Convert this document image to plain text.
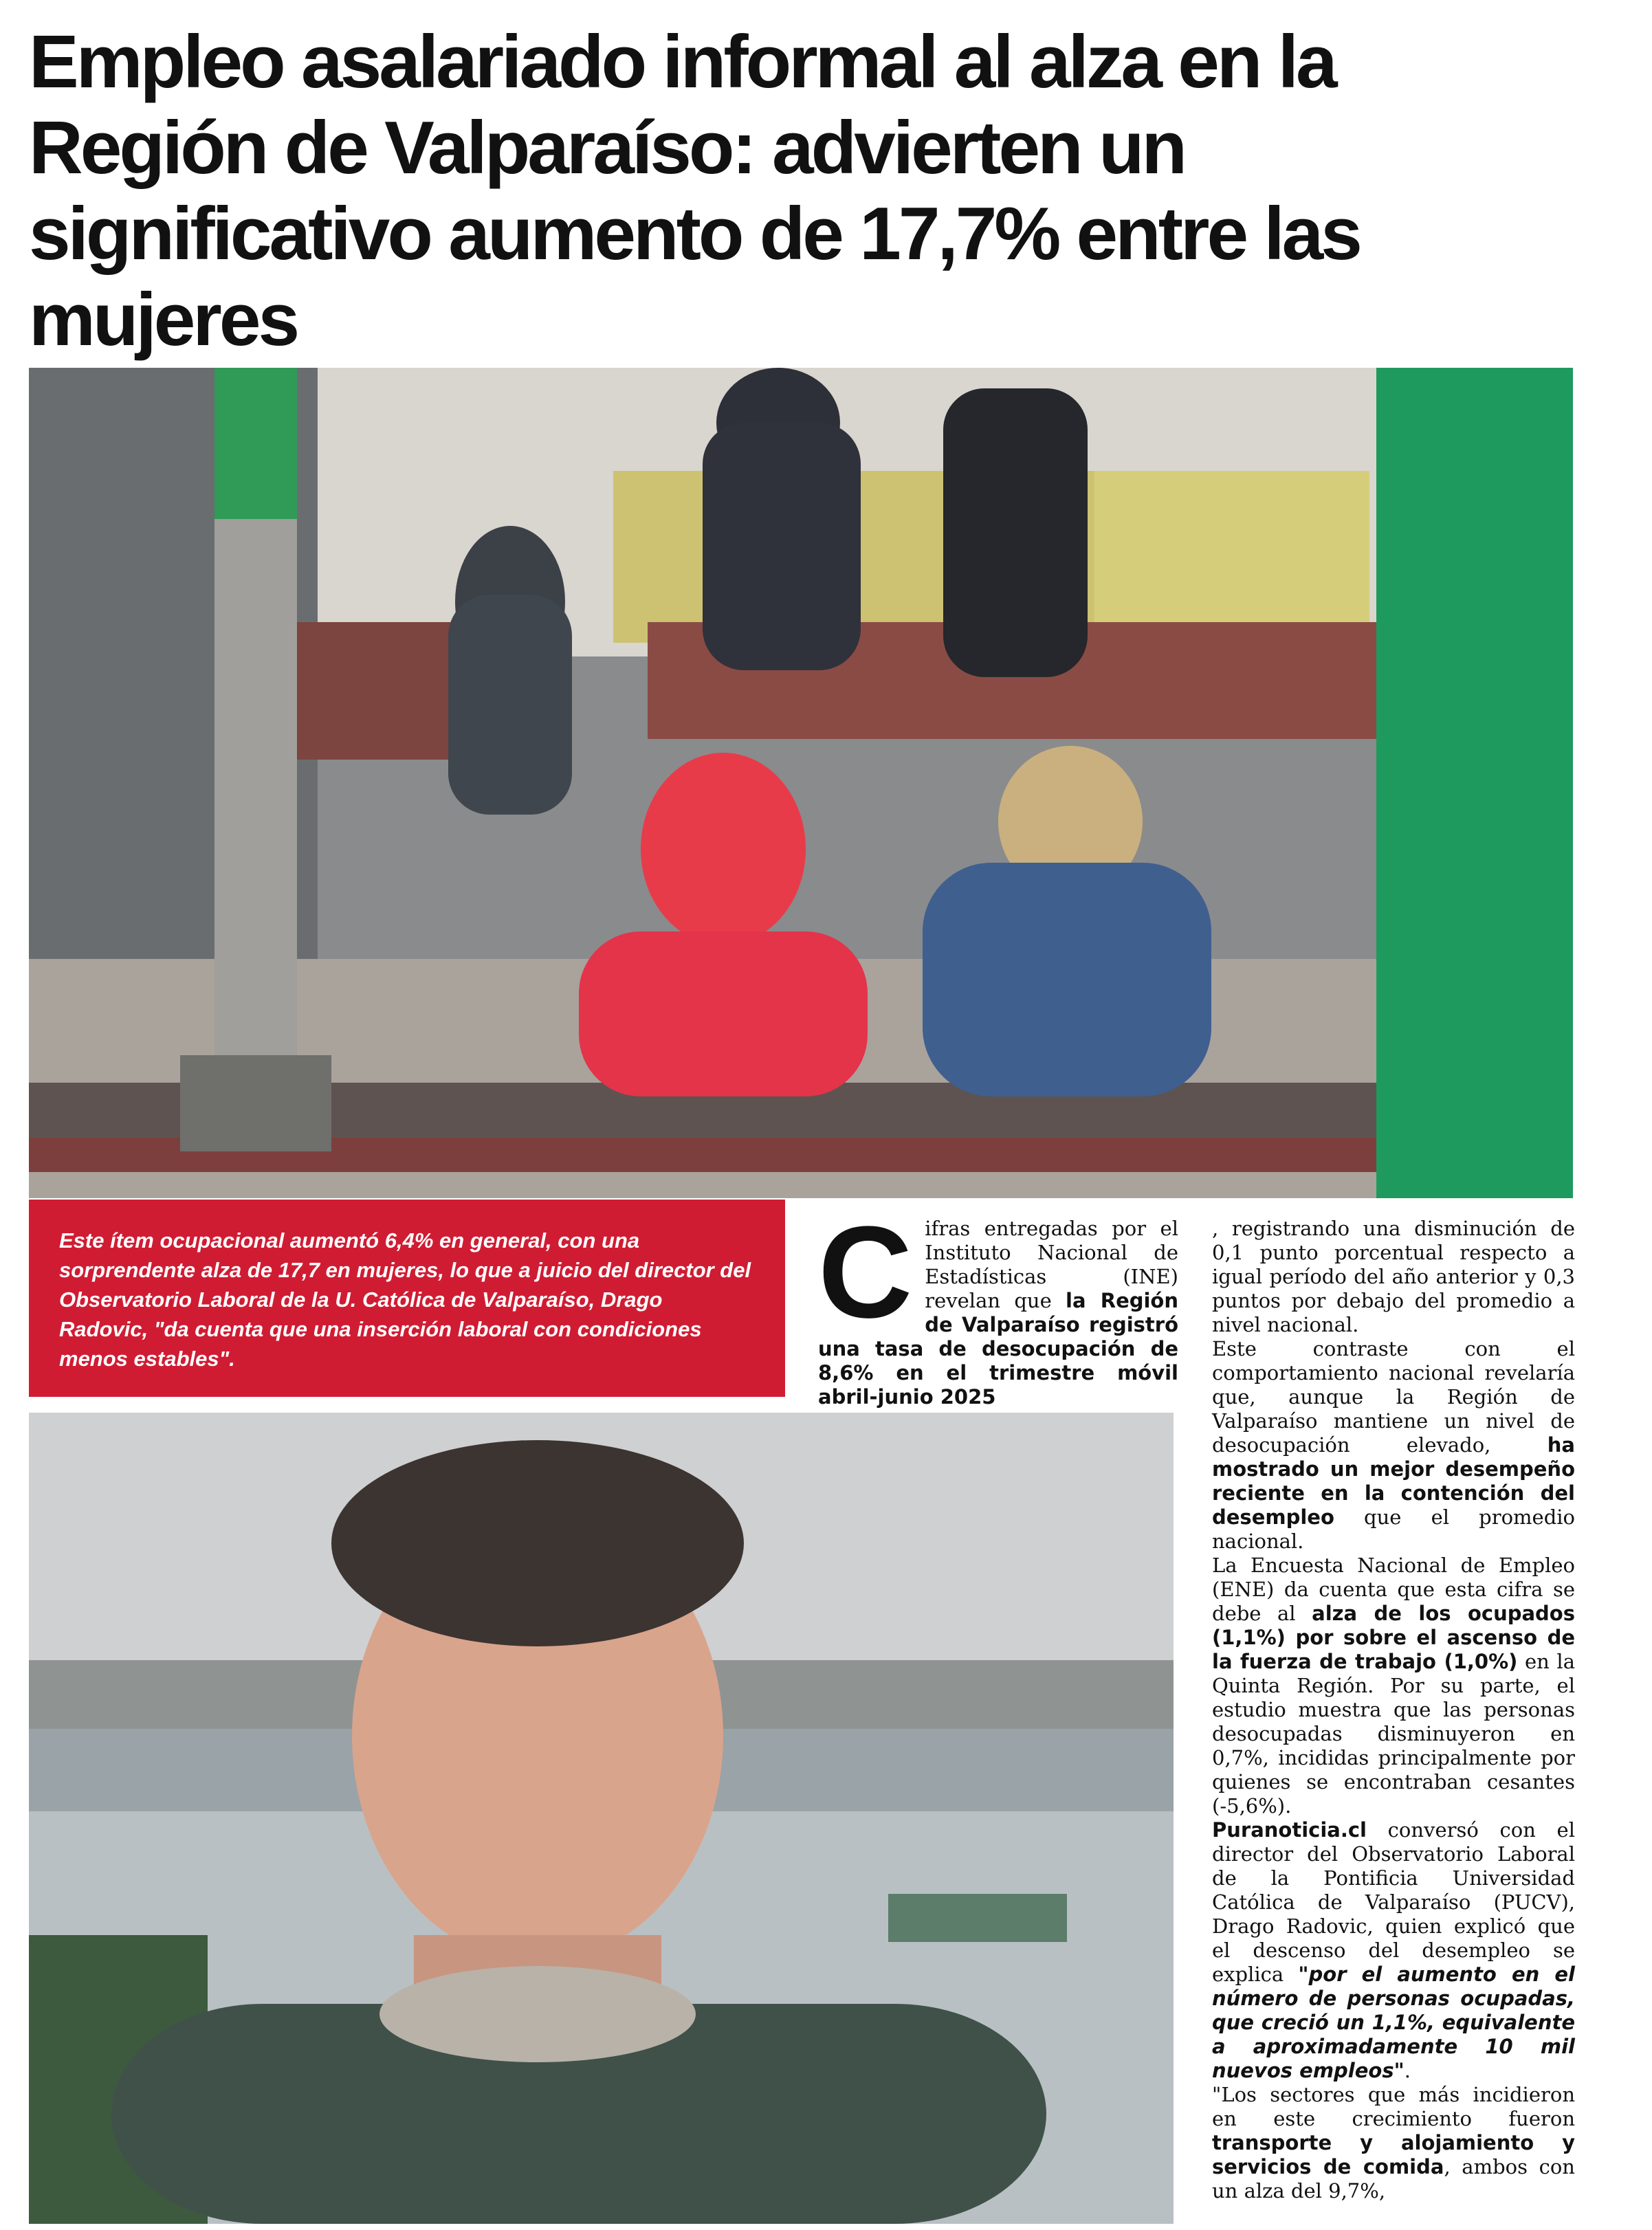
Empleo asalariado informal al alza en la Región de Valparaíso: advierten un significativo aumento de 17,7% entre las mujeres

Este ítem ocupacional aumentó 6,4% en general, con una sorprendente alza de 17,7 en mujeres, lo que a juicio del director del Observatorio Laboral de la U. Católica de Valparaíso, Drago Radovic, "da cuenta que una inserción laboral con condiciones menos estables".

Cifras entregadas por el Instituto Nacional de Estadísticas (INE) revelan que la Región de Valparaíso registró una tasa de desocupación de 8,6% en el trimestre móvil abril-junio 2025

, registrando una disminución de 0,1 punto porcentual respecto a igual período del año anterior y 0,3 puntos por debajo del promedio a nivel nacional.

Este contraste con el comportamiento nacional revelaría que, aunque la Región de Valparaíso mantiene un nivel de desocupación elevado, ha mostrado un mejor desempeño reciente en la contención del desempleo que el promedio nacional.

La Encuesta Nacional de Empleo (ENE) da cuenta que esta cifra se debe al alza de los ocupados (1,1%) por sobre el ascenso de la fuerza de trabajo (1,0%) en la Quinta Región. Por su parte, el estudio muestra que las personas desocupadas disminuyeron en 0,7%, incididas principalmente por quienes se encontraban cesantes (-5,6%).

Puranoticia.cl conversó con el director del Observatorio Laboral de la Pontificia Universidad Católica de Valparaíso (PUCV), Drago Radovic, quien explicó que el descenso del desempleo se explica "por el aumento en el número de personas ocupadas, que creció un 1,1%, equivalente a aproximadamente 10 mil nuevos empleos".

"Los sectores que más incidieron en este crecimiento fueron transporte y alojamiento y servicios de comida, ambos con un alza del 9,7%,
